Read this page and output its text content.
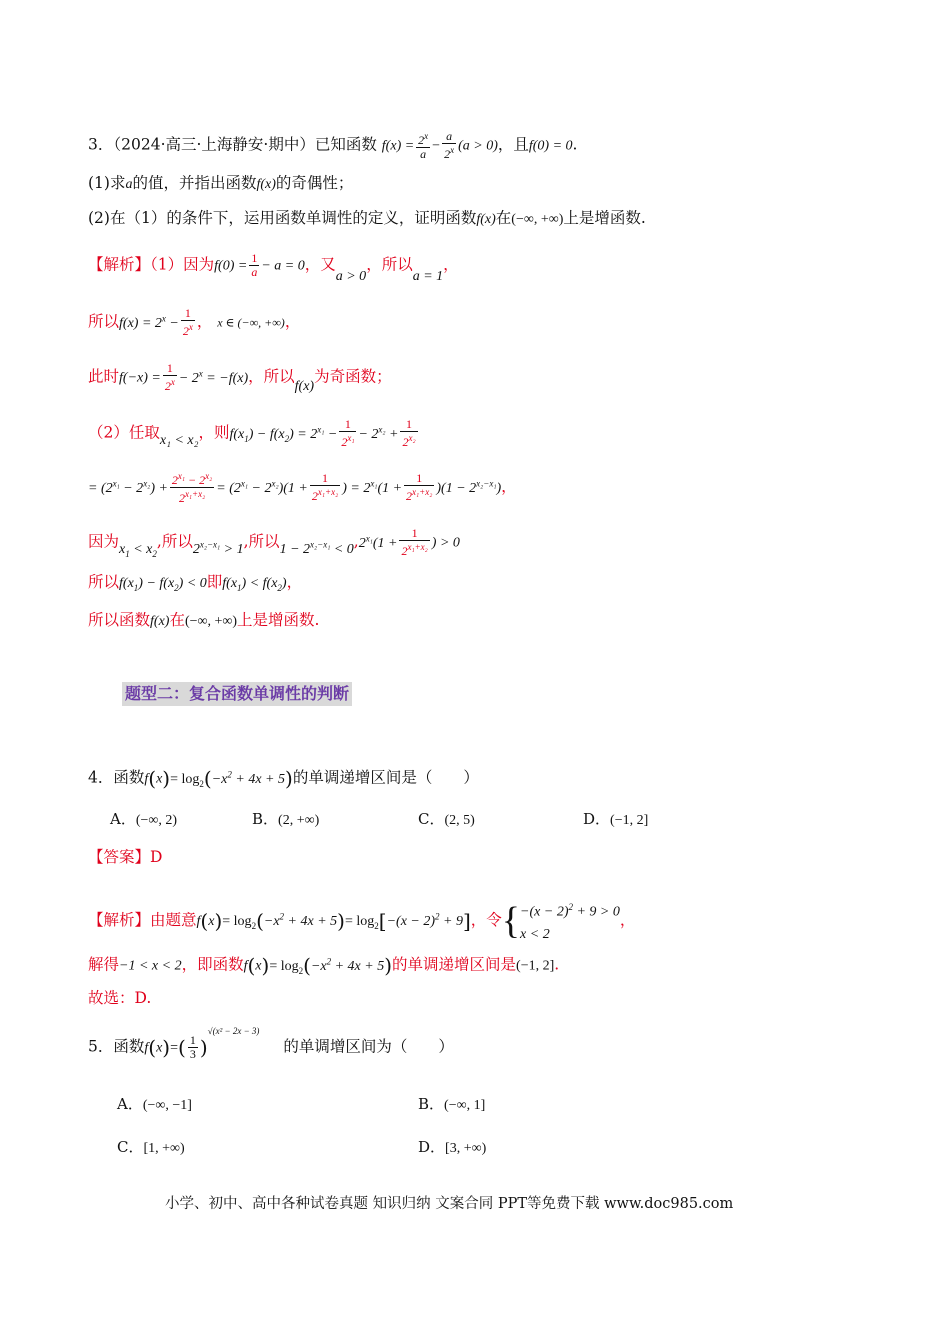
3．（2024·高三·上海静安·期中）已知函数 $f(x) = \frac{2^x}{a} - \frac{a}{2^x} (a > 0)$，且f(0) = 0.
(1)求a的值，并指出函数f(x)的奇偶性；
(2)在（1）的条件下，运用函数单调性的定义，证明函数f(x)在(−∞, +∞)上是增函数.
【解析】（1）因为$f(0) = \frac{1}{a} - a = 0$，又a > 0，所以a = 1，
所以$f(x) = 2^x - \frac{1}{2^x}$ ， x ∈ (−∞, +∞)，
此时$f(-x) = \frac{1}{2^x} - 2^x = -f(x)$，所以f(x)为奇函数；
（2）任取x₁ < x₂，则$f(x_1) - f(x_2) = 2^{x_1} - \frac{1}{2^{x_1}} - 2^{x_2} + \frac{1}{2^{x_2}}$
= $(2^{x_1} - 2^{x_2}) + \frac{2^{x_1} - 2^{x_2}}{2^{x_1+x_2}} = (2^{x_1} - 2^{x_2})(1 + \frac{1}{2^{x_1+x_2}}$ ) = $2^{x_1}(1 + \frac{1}{2^{x_1+x_2}} )(1 - 2^{x_2-x_1})$，
因为$x_1 < x_2$,所以$2^{x_2-x_1} > 1$,所以$1 - 2^{x_2-x_1} < 0,2^{x_1}(1 + \frac{1}{2^{x_1+x_2}}$ ) > 0
所以$f(x_1) - f(x_2) < 0$即$f(x_1) < f(x_2)$，
所以函数f(x)在(−∞, +∞)上是增函数.
题型二：复合函数单调性的判断
4．函数$f(x)= \log_2(-x^2 + 4x + 5)$的单调递增区间是（　　）
A．(−∞, 2)	B．(2, +∞)	C．(2, 5)	D．(−1, 2]
【答案】D
【解析】由题意$f(x)= \log_2(-x^2 + 4x + 5)= \log_2[-(x - 2)^2 + 9]$，令{$-(x - 2)^2 + 9 > 0$
x < 2，
解得−1 < x < 2，即函数$f(x)= \log_2(-x^2 + 4x + 5)$的单调递增区间是(−1, 2].
故选：D.
5．函数$f(x)=( \frac{1}{3} )^{√(x^2 - 2x - 3)}$的单调增区间为（　　）
A．(−∞, −1]	B．(−∞, 1]
C．[1, +∞)	D．[3, +∞)
小学、初中、高中各种试卷真题 知识归纳 文案合同 PPT等免费下载 www.doc985.com
